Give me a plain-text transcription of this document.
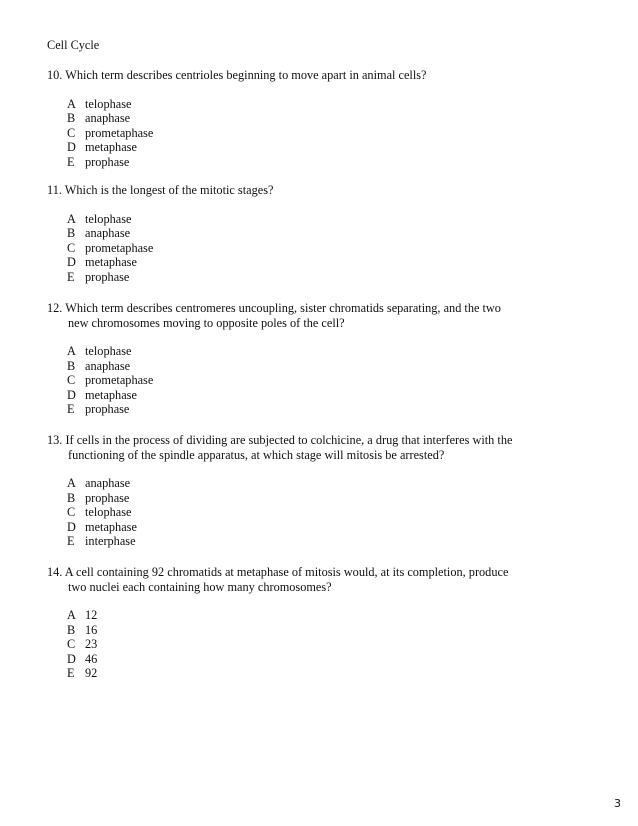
Cell Cycle

10. Which term describes centrioles beginning to move apart in animal cells?

A telophase
B anaphase
C prometaphase
D metaphase
E prophase

11. Which is the longest of the mitotic stages?

A telophase
B anaphase
C prometaphase
D metaphase
E prophase

12. Which term describes centromeres uncoupling, sister chromatids separating, and the two

new chromosomes moving to opposite poles of the cell?

A telophase
B anaphase
C prometaphase
D metaphase
E prophase

13. If cells in the process of dividing are subjected to colchicine, a drug that interferes with the

functioning of the spindle apparatus, at which stage will mitosis be arrested?

A anaphase
B prophase
C telophase
D metaphase
E interphase

14. A cell containing 92 chromatids at metaphase of mitosis would, at its completion, produce

two nuclei each containing how many chromosomes?

A 12
B 16
C 23
D 46
E 92
3
